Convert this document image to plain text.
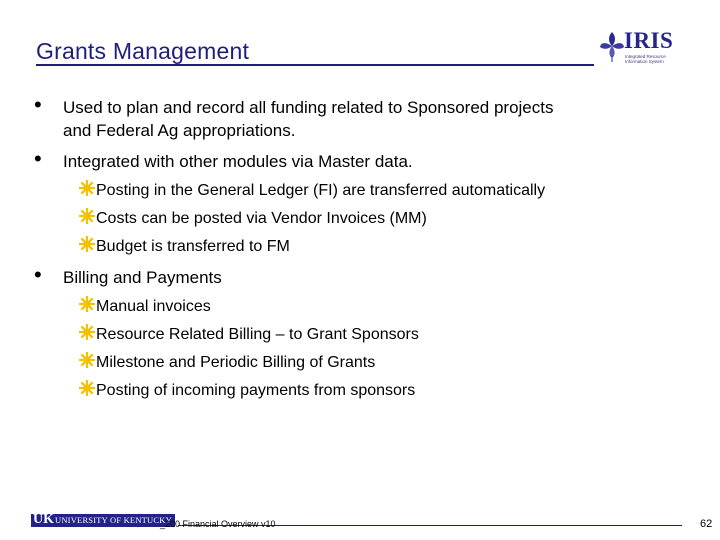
Grants Management	IRIS
Integrated Resource Information System
• Used to plan and record all funding related to Sponsored projects
and Federal Ag appropriations.
• Integrated with other modules via Master data.
Posting in the General Ledger (FI) are transferred automatically
Costs can be posted via Vendor Invoices (MM)
Budget is transferred to FM
• Billing and Payments
Manual invoices
Resource Related Billing – to Grant Sponsors
Milestone and Periodic Billing of Grants
Posting of incoming payments from sponsors
UK UNIVERSITY OF KENTUCKY
_200 Financial Overview v10	62
